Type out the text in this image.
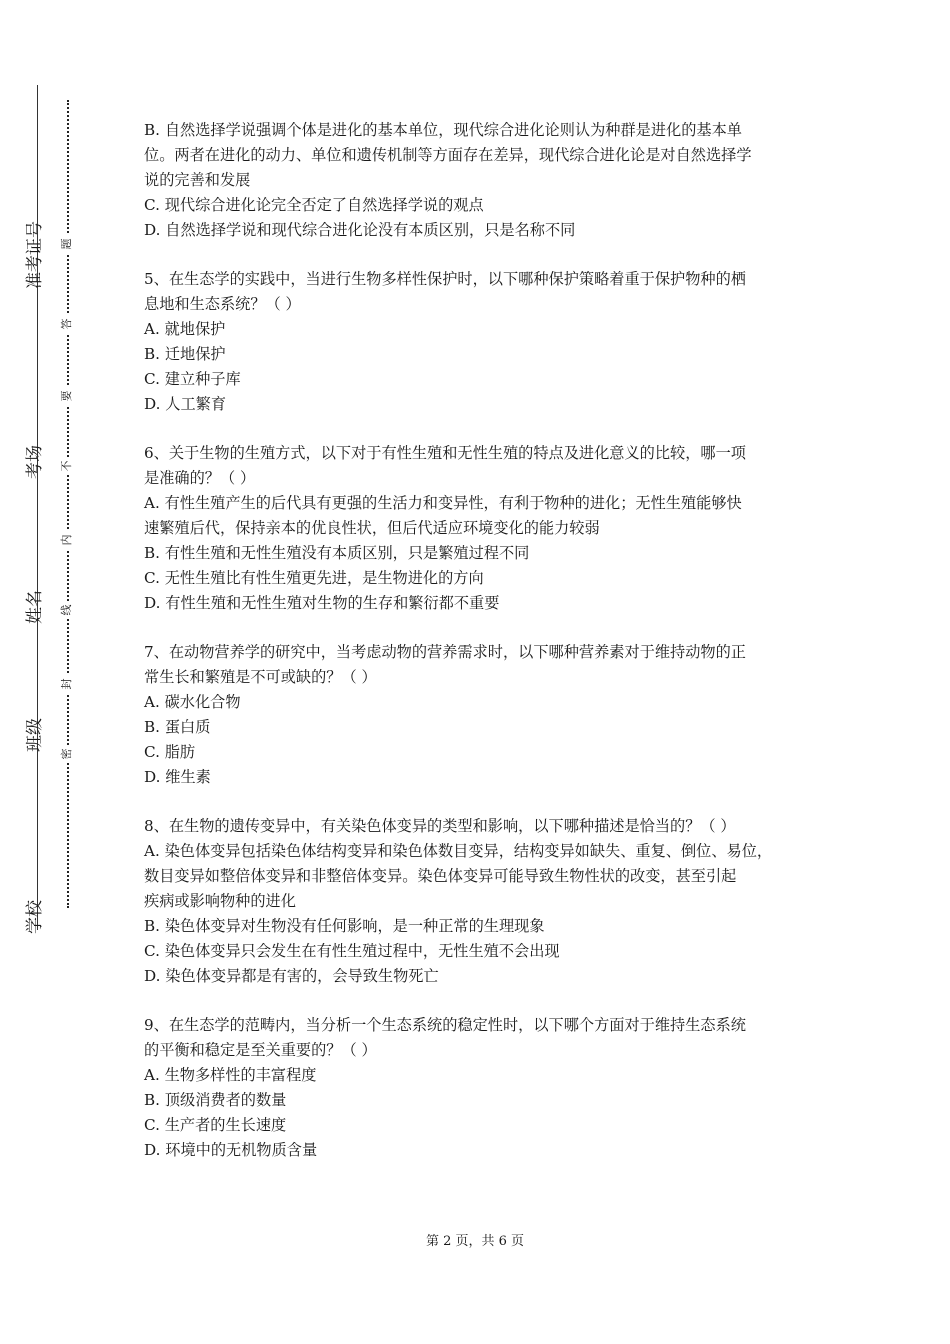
准考证号
考场
姓名
班级
学校
题
答
要
不
内
线
封
密
B. 自然选择学说强调个体是进化的基本单位，现代综合进化论则认为种群是进化的基本单
位。两者在进化的动力、单位和遗传机制等方面存在差异，现代综合进化论是对自然选择学
说的完善和发展
C. 现代综合进化论完全否定了自然选择学说的观点
D. 自然选择学说和现代综合进化论没有本质区别，只是名称不同
5、在生态学的实践中，当进行生物多样性保护时，以下哪种保护策略着重于保护物种的栖
息地和生态系统？（ ）
A. 就地保护
B. 迁地保护
C. 建立种子库
D. 人工繁育
6、关于生物的生殖方式，以下对于有性生殖和无性生殖的特点及进化意义的比较，哪一项
是准确的？（ ）
A. 有性生殖产生的后代具有更强的生活力和变异性，有利于物种的进化；无性生殖能够快
速繁殖后代，保持亲本的优良性状，但后代适应环境变化的能力较弱
B. 有性生殖和无性生殖没有本质区别，只是繁殖过程不同
C. 无性生殖比有性生殖更先进，是生物进化的方向
D. 有性生殖和无性生殖对生物的生存和繁衍都不重要
7、在动物营养学的研究中，当考虑动物的营养需求时，以下哪种营养素对于维持动物的正
常生长和繁殖是不可或缺的？（ ）
A. 碳水化合物
B. 蛋白质
C. 脂肪
D. 维生素
8、在生物的遗传变异中，有关染色体变异的类型和影响，以下哪种描述是恰当的？（ ）
A. 染色体变异包括染色体结构变异和染色体数目变异，结构变异如缺失、重复、倒位、易位，
数目变异如整倍体变异和非整倍体变异。染色体变异可能导致生物性状的改变，甚至引起
疾病或影响物种的进化
B. 染色体变异对生物没有任何影响，是一种正常的生理现象
C. 染色体变异只会发生在有性生殖过程中，无性生殖不会出现
D. 染色体变异都是有害的，会导致生物死亡
9、在生态学的范畴内，当分析一个生态系统的稳定性时，以下哪个方面对于维持生态系统
的平衡和稳定是至关重要的？（ ）
A. 生物多样性的丰富程度
B. 顶级消费者的数量
C. 生产者的生长速度
D. 环境中的无机物质含量
第 2 页，共 6 页
